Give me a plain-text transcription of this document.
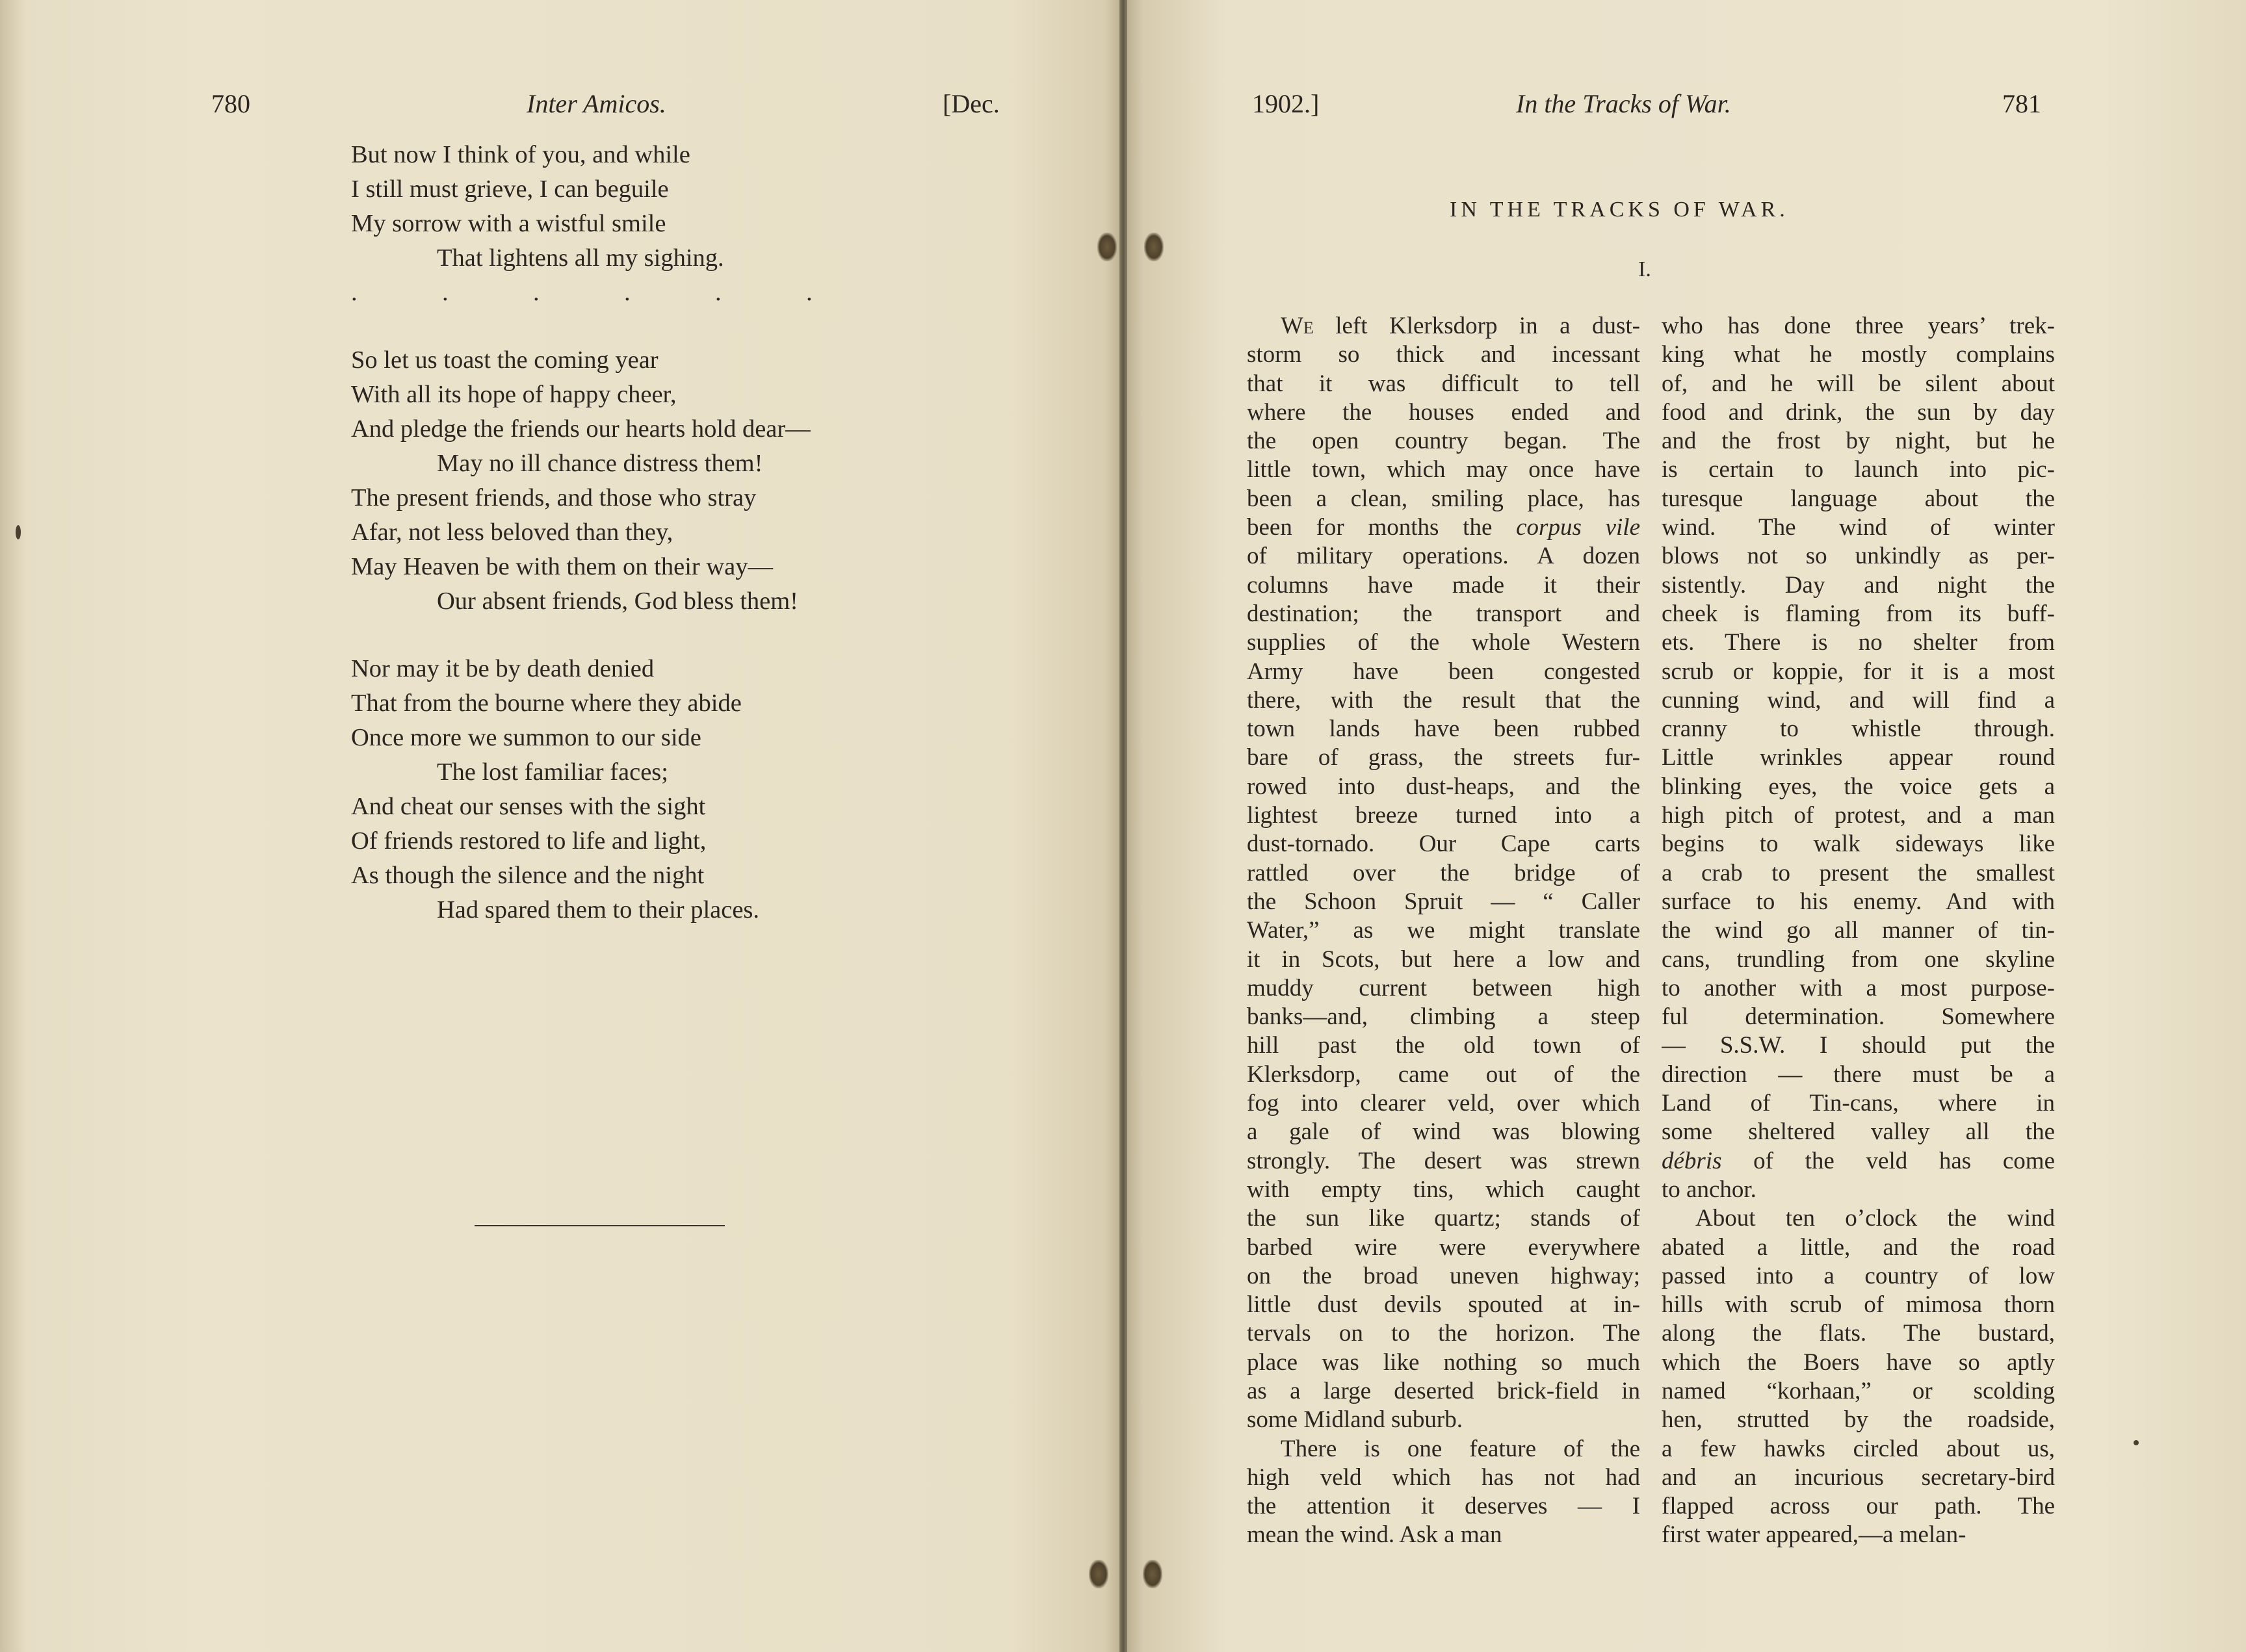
780	Inter Amicos.	[Dec.
But now I think of you, and while
I still must grieve, I can beguile
My sorrow with a wistful smile
That lightens all my sighing.
.	.	.	.	.	.
So let us toast the coming year
With all its hope of happy cheer,
And pledge the friends our hearts hold dear—
May no ill chance distress them!
The present friends, and those who stray
Afar, not less beloved than they,
May Heaven be with them on their way—
Our absent friends, God bless them!
Nor may it be by death denied
That from the bourne where they abide
Once more we summon to our side
The lost familiar faces;
And cheat our senses with the sight
Of friends restored to life and light,
As though the silence and the night
Had spared them to their places.
1902.]	In the Tracks of War.	781
IN THE TRACKS OF WAR.
I.
We left Klerksdorp in a dust-
storm so thick and incessant
that it was difficult to tell
where the houses ended and
the open country began. The
little town, which may once have
been a clean, smiling place, has
been for months the corpus vile
of military operations. A dozen
columns have made it their
destination; the transport and
supplies of the whole Western
Army have been congested
there, with the result that the
town lands have been rubbed
bare of grass, the streets fur-
rowed into dust-heaps, and the
lightest breeze turned into a
dust-tornado. Our Cape carts
rattled over the bridge of
the Schoon Spruit — “ Caller
Water,” as we might translate
it in Scots, but here a low and
muddy current between high
banks—and, climbing a steep
hill past the old town of
Klerksdorp, came out of the
fog into clearer veld, over which
a gale of wind was blowing
strongly. The desert was strewn
with empty tins, which caught
the sun like quartz; stands of
barbed wire were everywhere
on the broad uneven highway;
little dust devils spouted at in-
tervals on to the horizon. The
place was like nothing so much
as a large deserted brick-field in
some Midland suburb.
There is one feature of the
high veld which has not had
the attention it deserves — I
mean the wind. Ask a man
who has done three years’ trek-
king what he mostly complains
of, and he will be silent about
food and drink, the sun by day
and the frost by night, but he
is certain to launch into pic-
turesque language about the
wind. The wind of winter
blows not so unkindly as per-
sistently. Day and night the
cheek is flaming from its buff-
ets. There is no shelter from
scrub or koppie, for it is a most
cunning wind, and will find a
cranny to whistle through.
Little wrinkles appear round
blinking eyes, the voice gets a
high pitch of protest, and a man
begins to walk sideways like
a crab to present the smallest
surface to his enemy. And with
the wind go all manner of tin-
cans, trundling from one skyline
to another with a most purpose-
ful determination. Somewhere
— S.S.W. I should put the
direction — there must be a
Land of Tin-cans, where in
some sheltered valley all the
débris of the veld has come
to anchor.
About ten o’clock the wind
abated a little, and the road
passed into a country of low
hills with scrub of mimosa thorn
along the flats. The bustard,
which the Boers have so aptly
named “korhaan,” or scolding
hen, strutted by the roadside,
a few hawks circled about us,
and an incurious secretary-bird
flapped across our path. The
first water appeared,—a melan-
